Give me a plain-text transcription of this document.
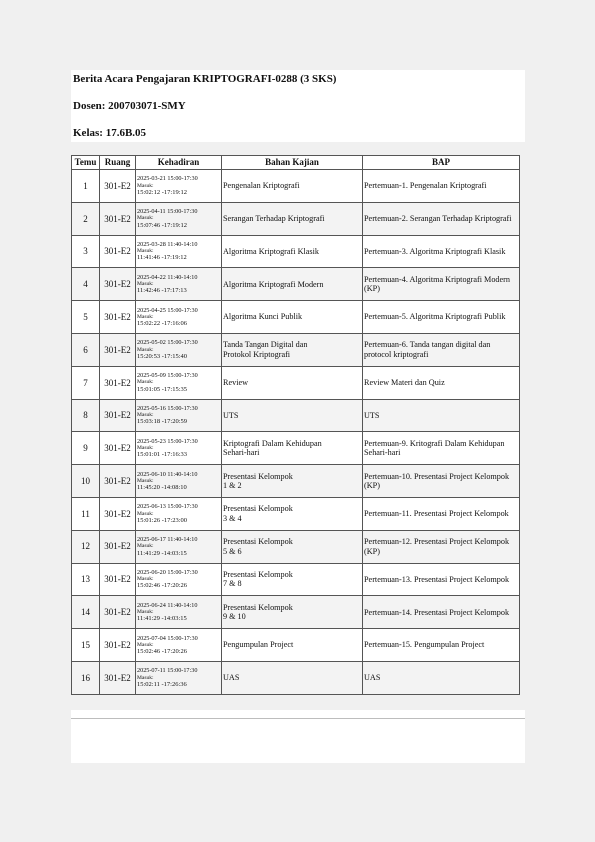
Berita Acara Pengajaran KRIPTOGRAFI-0288 (3 SKS)
Dosen: 200703071-SMY
Kelas: 17.6B.05
Temu	Ruang	Kehadiran	Bahan Kajian	BAP
1	301-E2	2025-03-21 15:00-17:30
Masuk:
15:02:12 -17:19:12	Pengenalan Kriptografi	Pertemuan-1. Pengenalan Kriptografi
2	301-E2	2025-04-11 15:00-17:30
Masuk:
15:07:46 -17:19:12	Serangan Terhadap Kriptografi	Pertemuan-2. Serangan Terhadap Kriptografi
3	301-E2	2025-03-28 11:40-14:10
Masuk:
11:41:46 -17:19:12	Algoritma Kriptografi Klasik	Pertemuan-3. Algoritma Kriptografi Klasik
4	301-E2	2025-04-22 11:40-14:10
Masuk:
11:42:46 -17:17:13	Algoritma Kriptografi Modern	Pertemuan-4. Algoritma Kriptografi Modern (KP)
5	301-E2	2025-04-25 15:00-17:30
Masuk:
15:02:22 -17:16:06	Algoritma Kunci Publik	Pertemuan-5. Algoritma Kriptografi Publik
6	301-E2	2025-05-02 15:00-17:30
Masuk:
15:20:53 -17:15:40	Tanda Tangan Digital dan
Protokol Kriptografi	Pertemuan-6. Tanda tangan digital dan protocol kriptografi
7	301-E2	2025-05-09 15:00-17:30
Masuk:
15:01:05 -17:15:35	Review	Review Materi dan Quiz
8	301-E2	2025-05-16 15:00-17:30
Masuk:
15:03:18 -17:20:59	UTS	UTS
9	301-E2	2025-05-23 15:00-17:30
Masuk:
15:01:01 -17:16:33	Kriptografi Dalam Kehidupan
Sehari-hari	Pertemuan-9. Kritografi Dalam Kehidupan Sehari-hari
10	301-E2	2025-06-10 11:40-14:10
Masuk:
11:45:20 -14:08:10	Presentasi Kelompok
1 & 2	Pertemuan-10. Presentasi Project Kelompok (KP)
11	301-E2	2025-06-13 15:00-17:30
Masuk:
15:01:26 -17:23:00	Presentasi Kelompok
3 & 4	Pertemuan-11. Presentasi Project Kelompok
12	301-E2	2025-06-17 11:40-14:10
Masuk:
11:41:29 -14:03:15	Presentasi Kelompok
5 & 6	Pertemuan-12. Presentasi Project Kelompok (KP)
13	301-E2	2025-06-20 15:00-17:30
Masuk:
15:02:46 -17:20:26	Presentasi Kelompok
7 & 8	Pertemuan-13. Presentasi Project Kelompok
14	301-E2	2025-06-24 11:40-14:10
Masuk:
11:41:29 -14:03:15	Presentasi Kelompok
9 & 10	Pertemuan-14. Presentasi Project Kelompok
15	301-E2	2025-07-04 15:00-17:30
Masuk:
15:02:46 -17:20:26	Pengumpulan Project	Pertemuan-15. Pengumpulan Project
16	301-E2	2025-07-11 15:00-17:30
Masuk:
15:02:11 -17:26:36	UAS	UAS
